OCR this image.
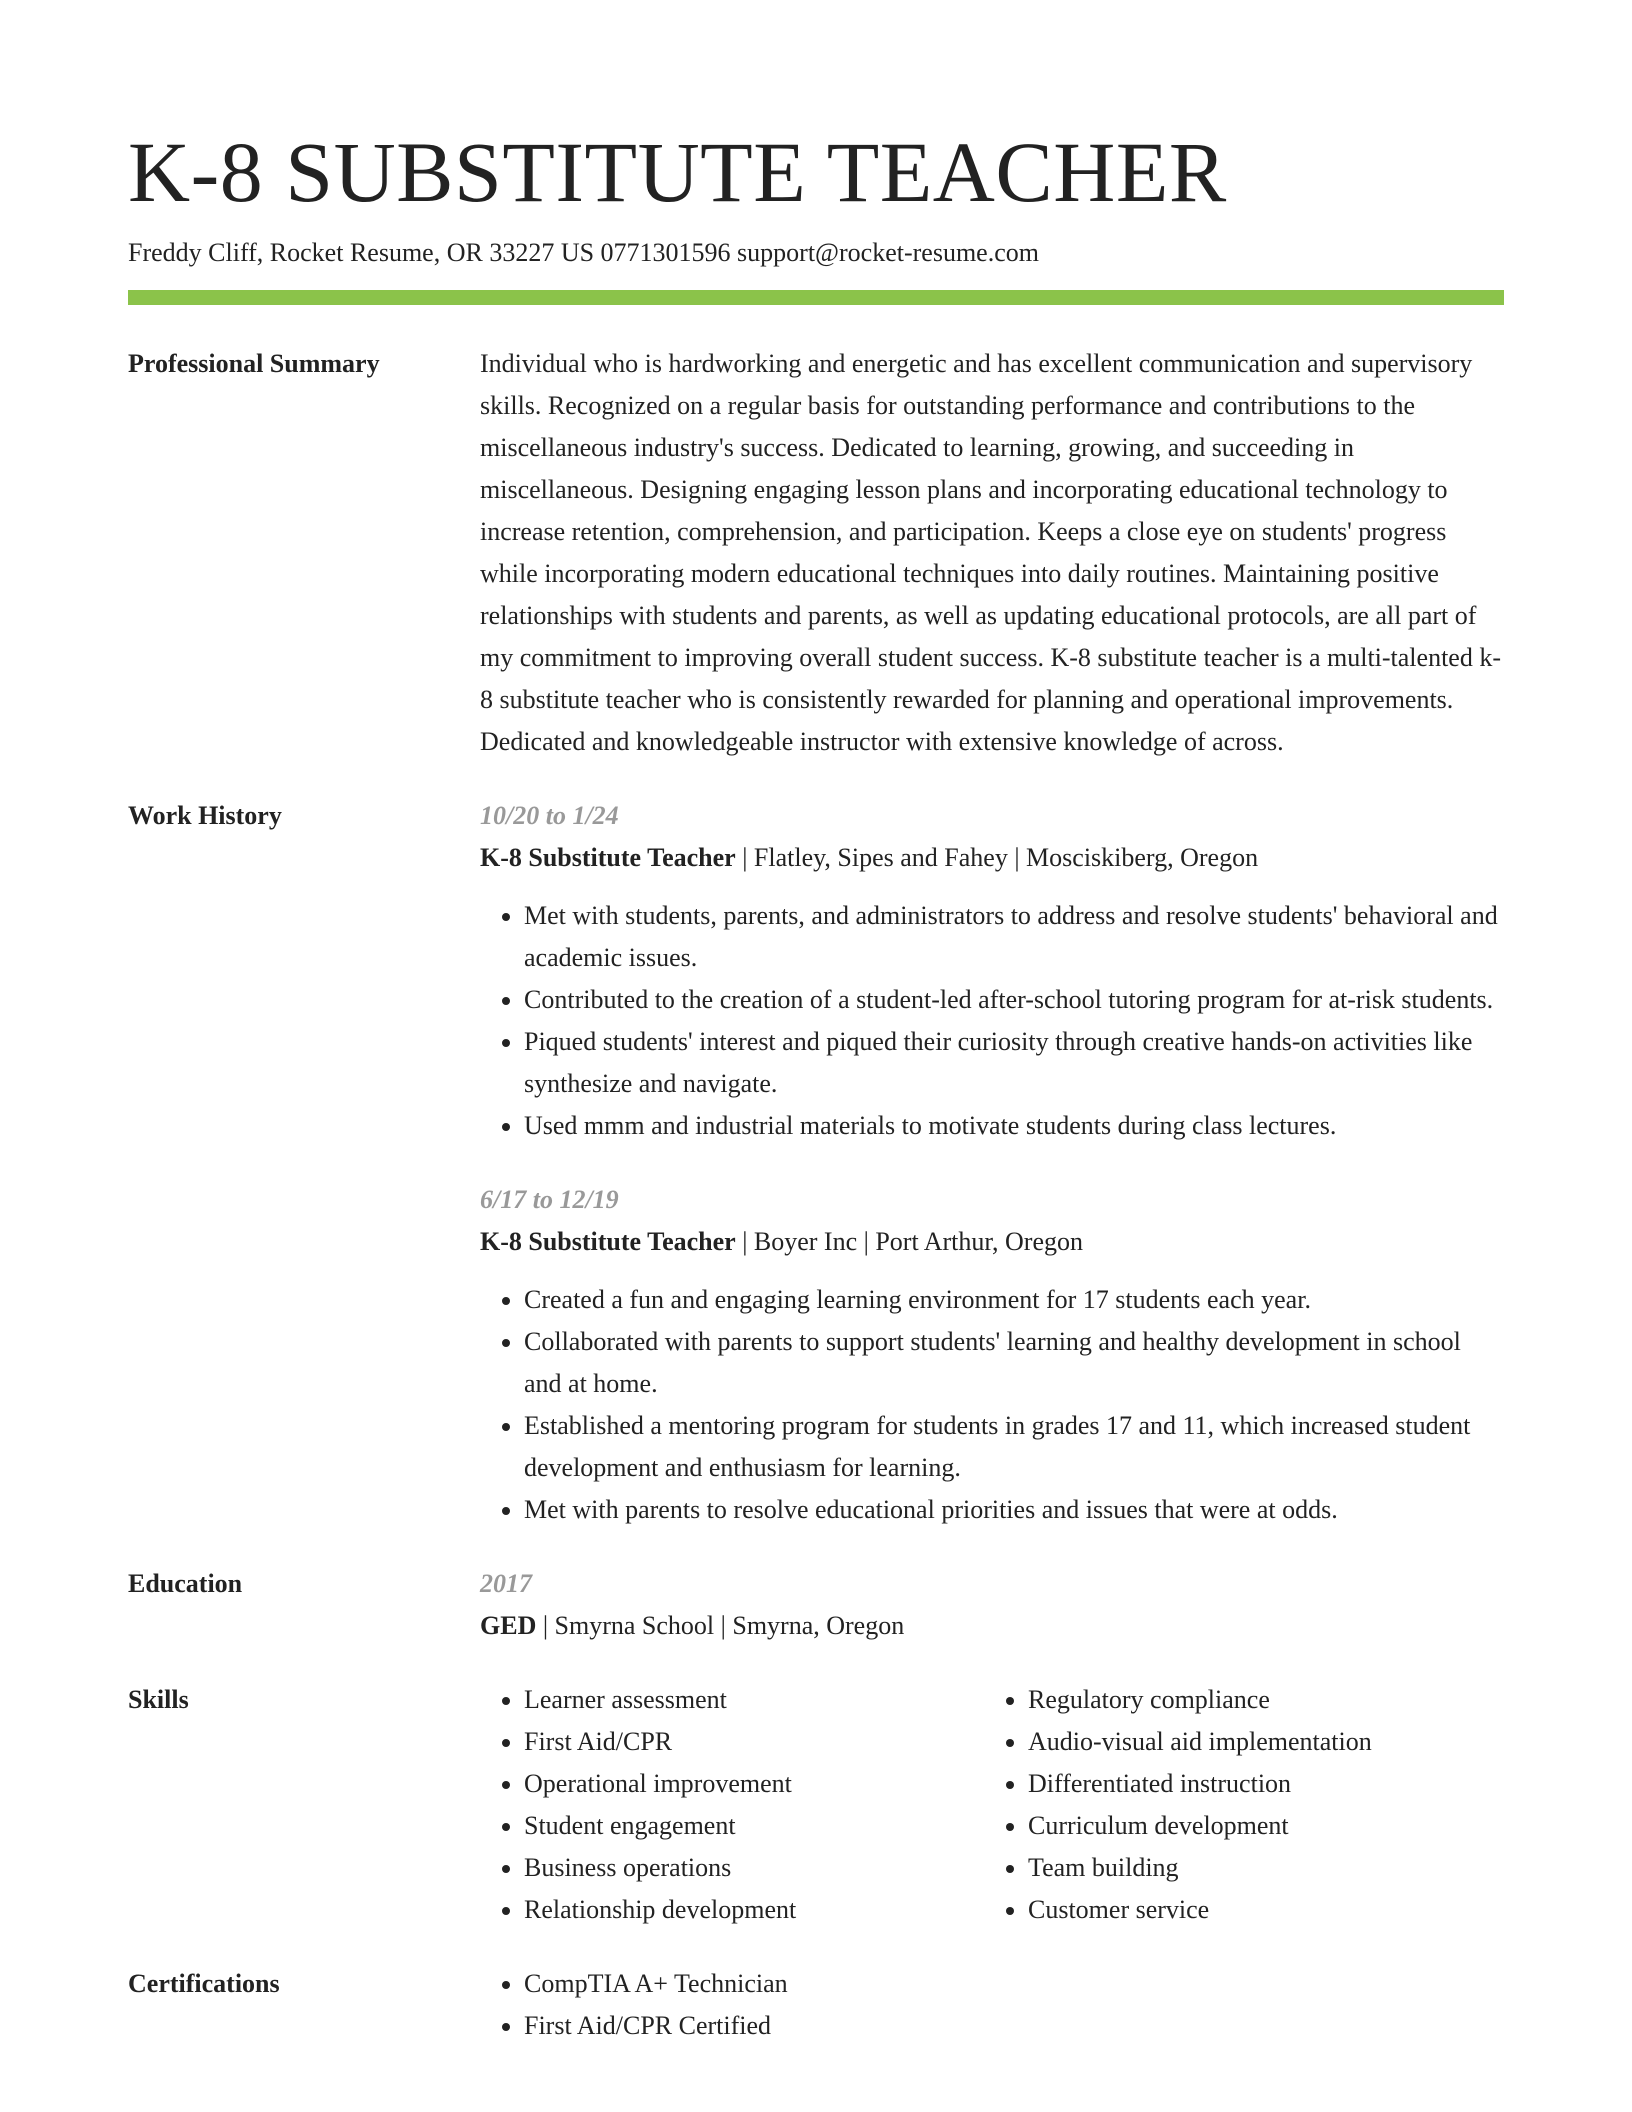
K-8 SUBSTITUTE TEACHER
Freddy Cliff, Rocket Resume, OR 33227 US 0771301596 support@rocket-resume.com
Professional Summary	Individual who is hardworking and energetic and has excellent communication and supervisory skills. Recognized on a regular basis for outstanding performance and contributions to the miscellaneous industry's success. Dedicated to learning, growing, and succeeding in miscellaneous. Designing engaging lesson plans and incorporating educational technology to increase retention, comprehension, and participation. Keeps a close eye on students' progress while incorporating modern educational techniques into daily routines. Maintaining positive relationships with students and parents, as well as updating educational protocols, are all part of my commitment to improving overall student success. K-8 substitute teacher is a multi-talented k-8 substitute teacher who is consistently rewarded for planning and operational improvements. Dedicated and knowledgeable instructor with extensive knowledge of across.

Work History	10/20 to 1/24
K-8 Substitute Teacher | Flatley, Sipes and Fahey | Mosciskiberg, Oregon
• Met with students, parents, and administrators to address and resolve students' behavioral and academic issues.
• Contributed to the creation of a student-led after-school tutoring program for at-risk students.
• Piqued students' interest and piqued their curiosity through creative hands-on activities like synthesize and navigate.
• Used mmm and industrial materials to motivate students during class lectures.
6/17 to 12/19
K-8 Substitute Teacher | Boyer Inc | Port Arthur, Oregon
• Created a fun and engaging learning environment for 17 students each year.
• Collaborated with parents to support students' learning and healthy development in school and at home.
• Established a mentoring program for students in grades 17 and 11, which increased student development and enthusiasm for learning.
• Met with parents to resolve educational priorities and issues that were at odds.
Education	2017
GED | Smyrna School | Smyrna, Oregon
Skills	• Learner assessment
• First Aid/CPR
• Operational improvement
• Student engagement
• Business operations
• Relationship development
• Regulatory compliance
• Audio-visual aid implementation
• Differentiated instruction
• Curriculum development
• Team building
• Customer service
Certifications	• CompTIA A+ Technician
• First Aid/CPR Certified
